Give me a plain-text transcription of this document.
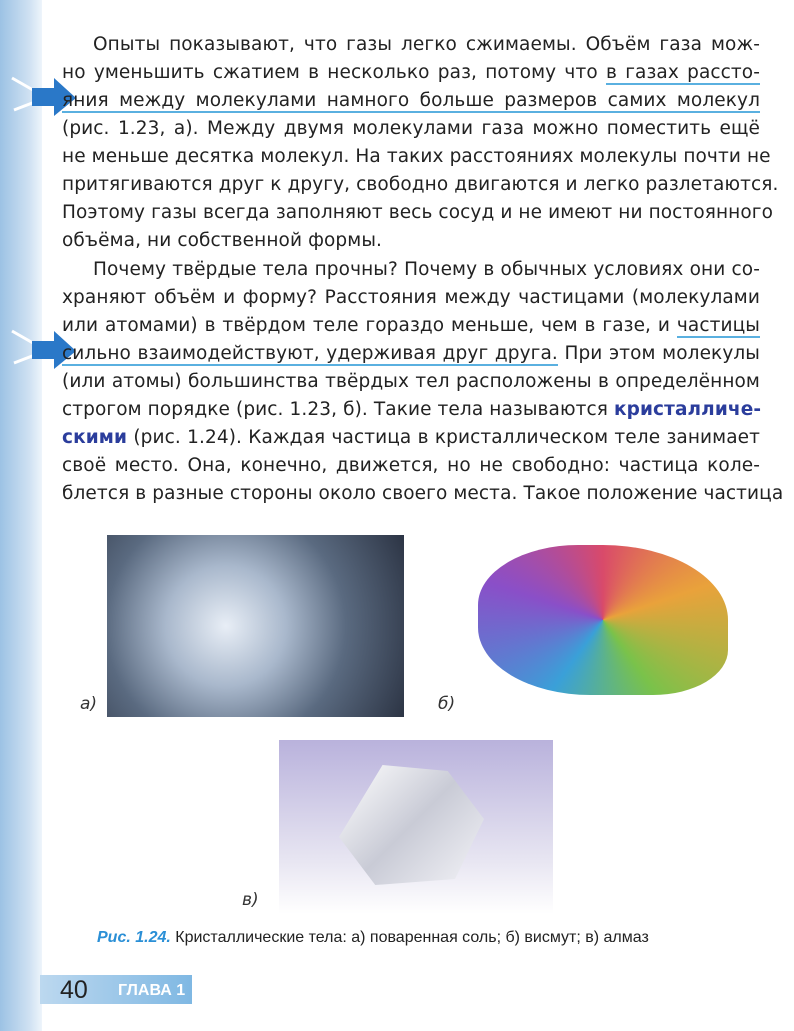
Опыты показывают, что газы легко сжимаемы. Объём газа мож-
но уменьшить сжатием в несколько раз, потому что в газах рассто-
яния между молекулами намного больше размеров самих молекул
(рис. 1.23, а). Между двумя молекулами газа можно поместить ещё
не меньше десятка молекул. На таких расстояниях молекулы почти не
притягиваются друг к другу, свободно двигаются и легко разлетаются.
Поэтому газы всегда заполняют весь сосуд и не имеют ни постоянного
объёма, ни собственной формы.
Почему твёрдые тела прочны? Почему в обычных условиях они со-
храняют объём и форму? Расстояния между частицами (молекулами
или атомами) в твёрдом теле гораздо меньше, чем в газе, и частицы
сильно взаимодействуют, удерживая друг друга. При этом молекулы
(или атомы) большинства твёрдых тел расположены в определённом
строгом порядке (рис. 1.23, б). Такие тела называются кристалличе-
скими (рис. 1.24). Каждая частица в кристаллическом теле занимает
своё место. Она, конечно, движется, но не свободно: частица коле-
блется в разные стороны около своего места. Такое положение частица
а)	б)
в)
Рис. 1.24. Кристаллические тела: а) поваренная соль; б) висмут; в) алмаз
40 ГЛАВА 1
